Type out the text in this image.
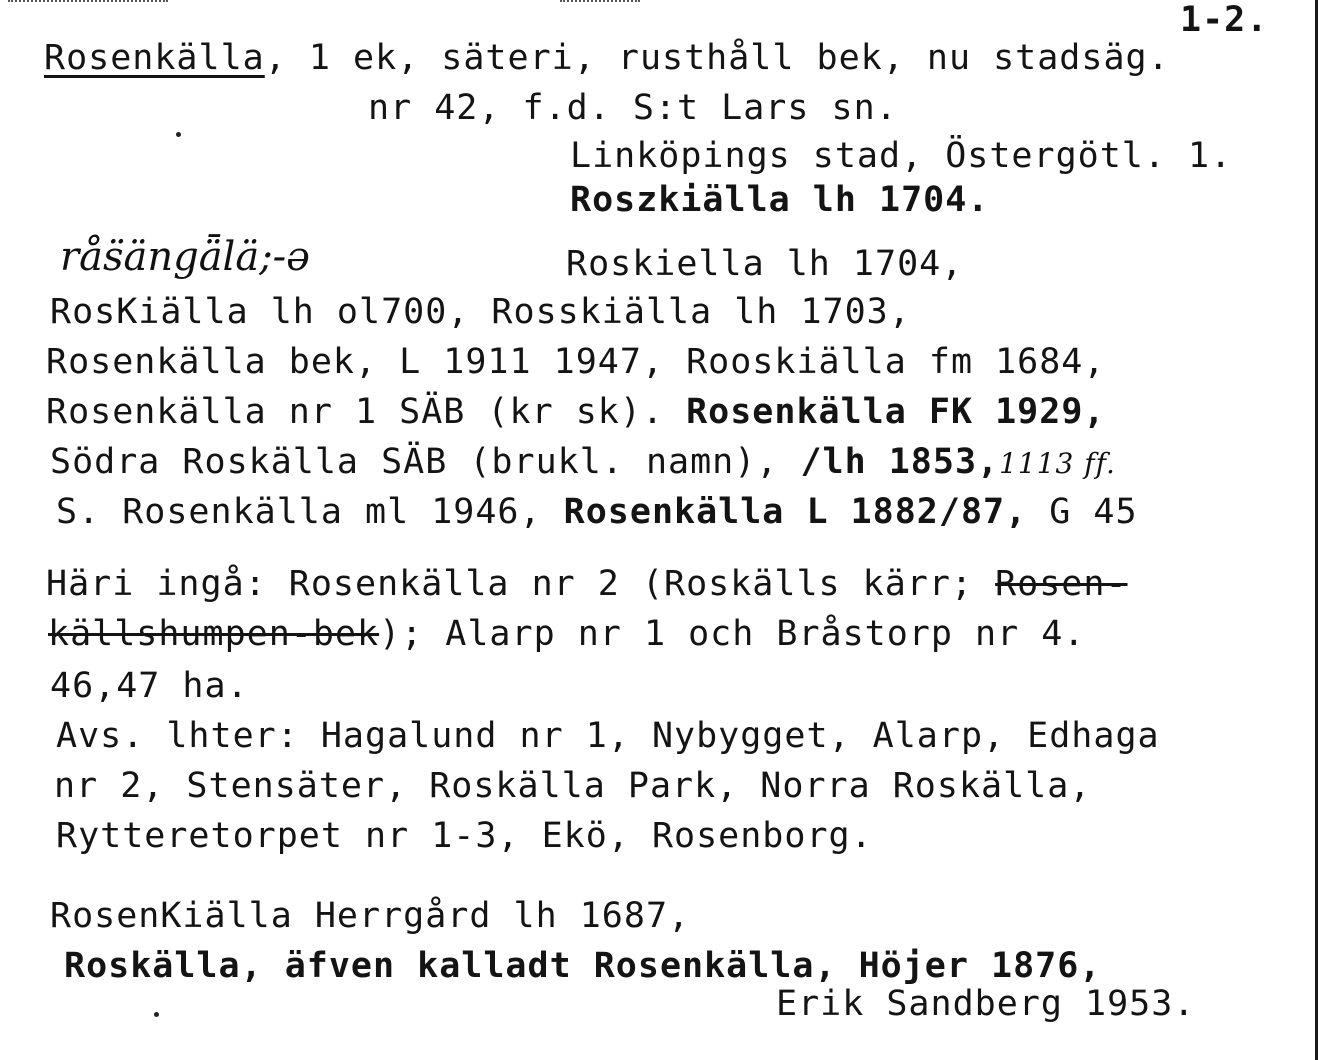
1-2.
Rosenkälla, 1 ek, säteri, rusthåll bek, nu stadsäg.
nr 42, f.d. S:t Lars sn.
Linköpings stad, Östergötl. 1.
Roszkiälla lh 1704.
rås̈ängǟlä;-ə	Roskiella lh 1704,
RosKiälla lh ol700, Rosskiälla lh 1703,
Rosenkälla bek, L 1911 1947, Rooskiälla fm 1684,
Rosenkälla nr 1 SÄB (kr sk). Rosenkälla FK 1929,
Södra Roskälla SÄB (brukl. namn), /lh 1853,1113 ff.
S. Rosenkälla ml 1946, Rosenkälla L 1882/87, G 45
Häri ingå: Rosenkälla nr 2 (Roskälls kärr; Rosen-
källshumpen-bek); Alarp nr 1 och Bråstorp nr 4.
46,47 ha.
Avs. lhter: Hagalund nr 1, Nybygget, Alarp, Edhaga
nr 2, Stensäter, Roskälla Park, Norra Roskälla,
Rytteretorpet nr 1-3, Ekö, Rosenborg.
RosenKiälla Herrgård lh 1687,
Roskälla, äfven kalladt Rosenkälla, Höjer 1876,
Erik Sandberg 1953.
